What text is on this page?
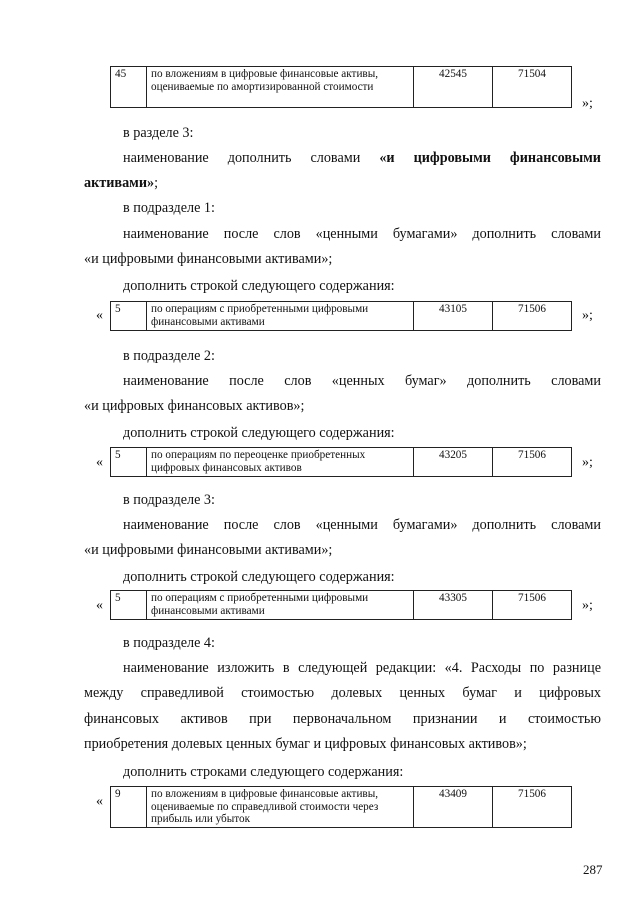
45	по вложениям в цифровые финансовые активы, оцениваемые по амортизированной стоимости	42545	71504
»;
в разделе 3:
наименование дополнить словами «и цифровыми финансовыми
активами»;
в подразделе 1:
наименование после слов «ценными бумагами» дополнить словами
«и цифровыми финансовыми активами»;
дополнить строкой следующего содержания:
« 5	по операциям с приобретенными цифровыми финансовыми активами	43105	71506	»;
в подразделе 2:
наименование после слов «ценных бумаг» дополнить словами
«и цифровых финансовых активов»;
дополнить строкой следующего содержания:
« 5	по операциям по переоценке приобретенных цифровых финансовых активов	43205	71506	»;
в подразделе 3:
наименование после слов «ценными бумагами» дополнить словами
«и цифровыми финансовыми активами»;
дополнить строкой следующего содержания:
« 5	по операциям с приобретенными цифровыми финансовыми активами	43305	71506	»;
в подразделе 4:
наименование изложить в следующей редакции: «4. Расходы по разнице
между справедливой стоимостью долевых ценных бумаг и цифровых
финансовых активов при первоначальном признании и стоимостью
приобретения долевых ценных бумаг и цифровых финансовых активов»;
дополнить строками следующего содержания:
« 9	по вложениям в цифровые финансовые активы, оцениваемые по справедливой стоимости через прибыль или убыток	43409	71506
287
